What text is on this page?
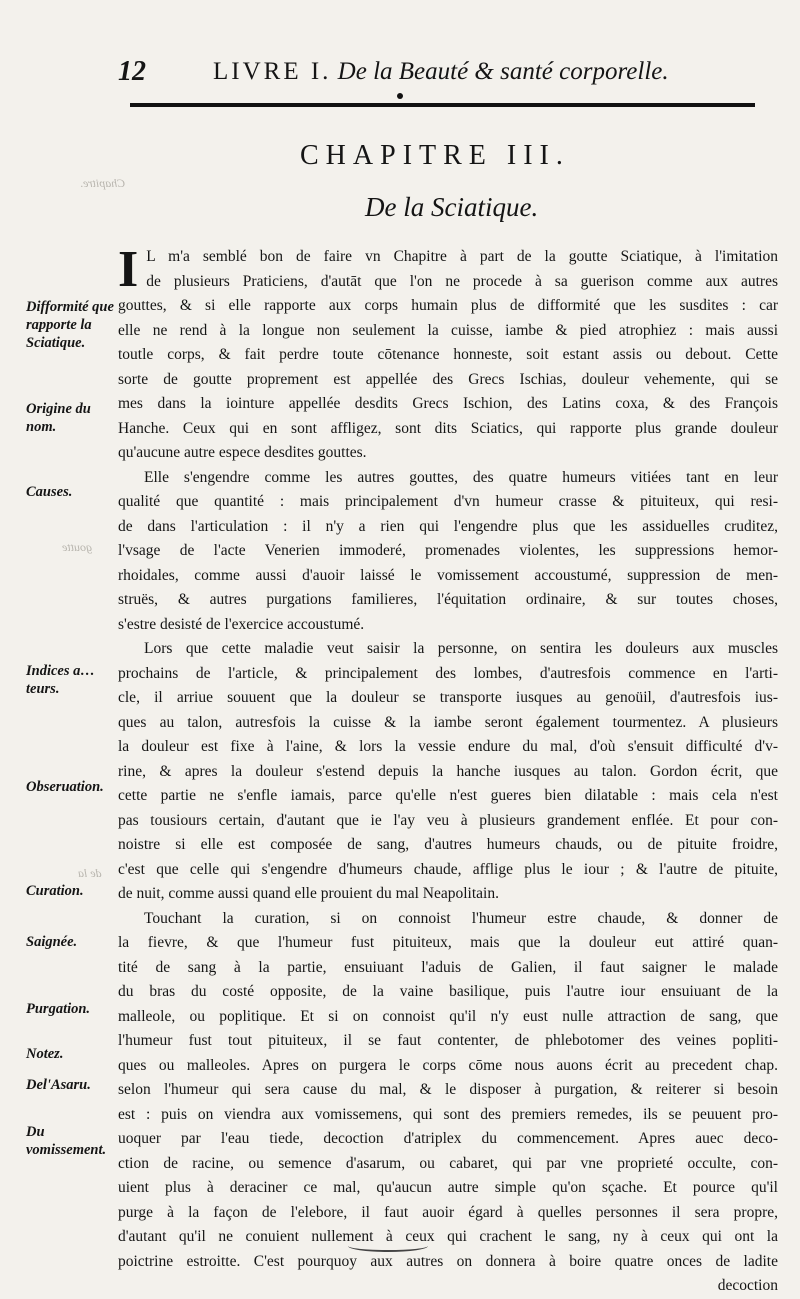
12	LIVRE I. De la Beauté & santé corporelle.
CHAPITRE III.
De la Sciatique.
Chapitre.
goutte
de la
Difformité que rapporte la Sciatique.
Origine du nom.
Causes.
Indices a… teurs.
Obseruation.
Curation.
Saignée.
Purgation.
Notez.
Del'Asaru.
Du vomissement.
I L m'a semblé bon de faire vn Chapitre à part de la goutte Sciatique, à l'imitation
de plusieurs Praticiens, d'autāt que l'on ne procede à sa guerison comme aux autres
gouttes, & si elle rapporte aux corps humain plus de difformité que les susdites : car
elle ne rend à la longue non seulement la cuisse, iambe & pied atrophiez : mais aussi
toutle corps, & fait perdre toute cōtenance honneste, soit estant assis ou debout. Cette
sorte de goutte proprement est appellée des Grecs Ischias, douleur vehemente, qui se
mes dans la iointure appellée desdits Grecs Ischion, des Latins coxa, & des François
Hanche. Ceux qui en sont affligez, sont dits Sciatics, qui rapporte plus grande douleur
qu'aucune autre espece desdites gouttes.
Elle s'engendre comme les autres gouttes, des quatre humeurs vitiées tant en leur
qualité que quantité : mais principalement d'vn humeur crasse & pituiteux, qui resi-
de dans l'articulation : il n'y a rien qui l'engendre plus que les assiduelles cruditez,
l'vsage de l'acte Venerien immoderé, promenades violentes, les suppressions hemor-
rhoidales, comme aussi d'auoir laissé le vomissement accoustumé, suppression de men-
struës, & autres purgations familieres, l'équitation ordinaire, & sur toutes choses,
s'estre desisté de l'exercice accoustumé.
Lors que cette maladie veut saisir la personne, on sentira les douleurs aux muscles
prochains de l'article, & principalement des lombes, d'autresfois commence en l'arti-
cle, il arriue souuent que la douleur se transporte iusques au genoüil, d'autresfois ius-
ques au talon, autresfois la cuisse & la iambe seront également tourmentez. A plusieurs
la douleur est fixe à l'aine, & lors la vessie endure du mal, d'où s'ensuit difficulté d'v-
rine, & apres la douleur s'estend depuis la hanche iusques au talon. Gordon écrit, que
cette partie ne s'enfle iamais, parce qu'elle n'est gueres bien dilatable : mais cela n'est
pas tousiours certain, d'autant que ie l'ay veu à plusieurs grandement enflée. Et pour con-
noistre si elle est composée de sang, d'autres humeurs chauds, ou de pituite froidre,
c'est que celle qui s'engendre d'humeurs chaude, afflige plus le iour ; & l'autre de pituite,
de nuit, comme aussi quand elle prouient du mal Neapolitain.
Touchant la curation, si on connoist l'humeur estre chaude, & donner de
la fievre, & que l'humeur fust pituiteux, mais que la douleur eut attiré quan-
tité de sang à la partie, ensuiuant l'aduis de Galien, il faut saigner le malade
du bras du costé opposite, de la vaine basilique, puis l'autre iour ensuiuant de la
malleole, ou poplitique. Et si on connoist qu'il n'y eust nulle attraction de sang, que
l'humeur fust tout pituiteux, il se faut contenter, de phlebotomer des veines popliti-
ques ou malleoles. Apres on purgera le corps cōme nous auons écrit au precedent chap.
selon l'humeur qui sera cause du mal, & le disposer à purgation, & reiterer si besoin
est : puis on viendra aux vomissemens, qui sont des premiers remedes, ils se peuuent pro-
uoquer par l'eau tiede, decoction d'atriplex du commencement. Apres auec deco-
ction de racine, ou semence d'asarum, ou cabaret, qui par vne proprieté occulte, con-
uient plus à deraciner ce mal, qu'aucun autre simple qu'on sçache. Et pource qu'il
purge à la façon de l'elebore, il faut auoir égard à quelles personnes il sera propre,
d'autant qu'il ne conuient nullement à ceux qui crachent le sang, ny à ceux qui ont la
poictrine estroitte. C'est pourquoy aux autres on donnera à boire quatre onces de ladite
decoction
